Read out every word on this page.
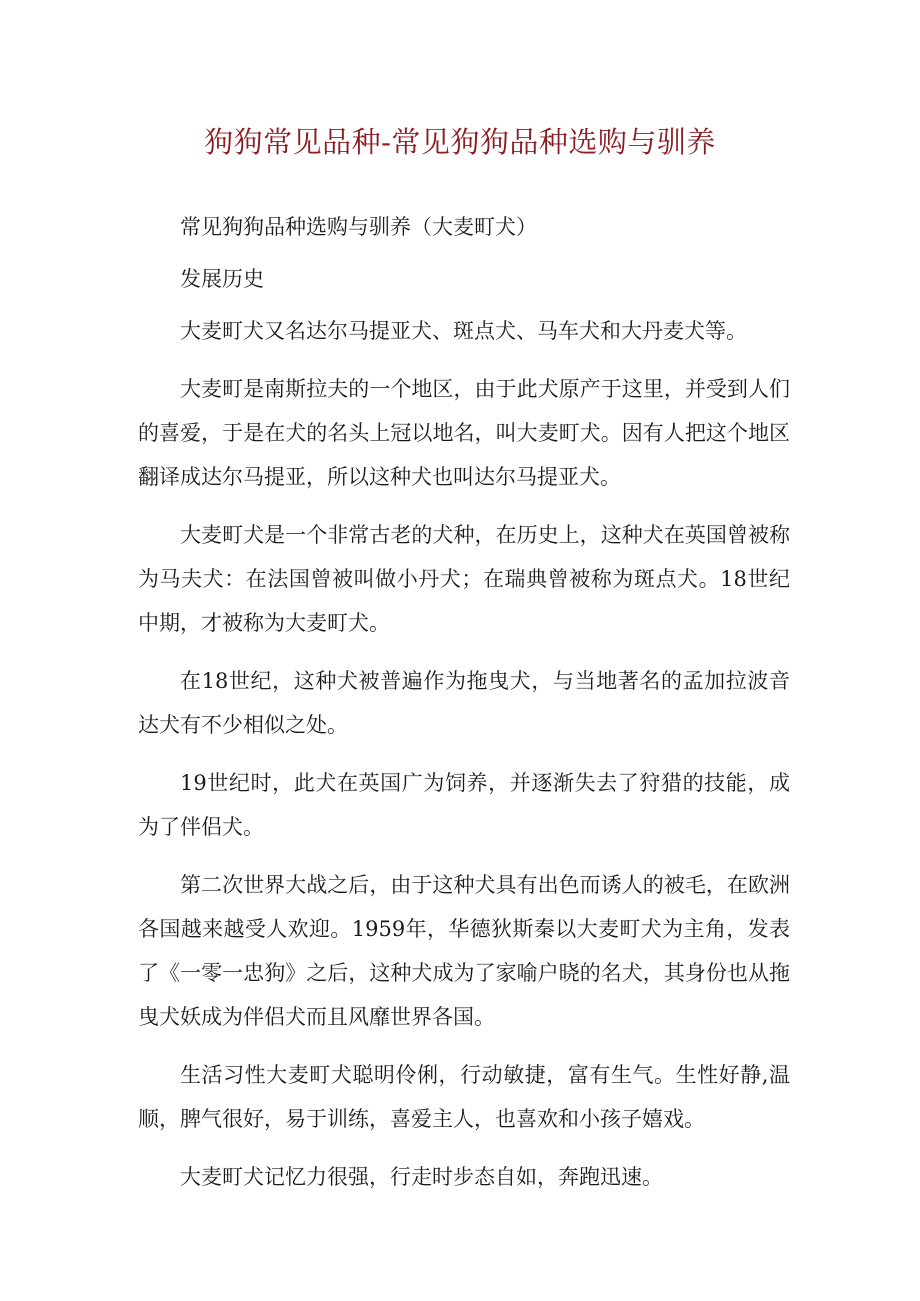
狗狗常见品种-常见狗狗品种选购与驯养

常见狗狗品种选购与驯养（大麦町犬）

发展历史

大麦町犬又名达尔马提亚犬、斑点犬、马车犬和大丹麦犬等。

大麦町是南斯拉夫的一个地区，由于此犬原产于这里，并受到人们的喜爱，于是在犬的名头上冠以地名，叫大麦町犬。因有人把这个地区翻译成达尔马提亚，所以这种犬也叫达尔马提亚犬。

大麦町犬是一个非常古老的犬种，在历史上，这种犬在英国曾被称为马夫犬：在法国曾被叫做小丹犬；在瑞典曾被称为斑点犬。18世纪中期，才被称为大麦町犬。

在18世纪，这种犬被普遍作为拖曳犬，与当地著名的孟加拉波音达犬有不少相似之处。

19世纪时，此犬在英国广为饲养，并逐渐失去了狩猎的技能，成为了伴侣犬。

第二次世界大战之后，由于这种犬具有出色而诱人的被毛，在欧洲各国越来越受人欢迎。1959年，华德狄斯秦以大麦町犬为主角，发表了《一零一忠狗》之后，这种犬成为了家喻户晓的名犬，其身份也从拖曳犬妖成为伴侣犬而且风靡世界各国。

生活习性大麦町犬聪明伶俐，行动敏捷，富有生气。生性好静,温顺，脾气很好，易于训练，喜爱主人，也喜欢和小孩子嬉戏。

大麦町犬记忆力很强，行走时步态自如，奔跑迅速。
